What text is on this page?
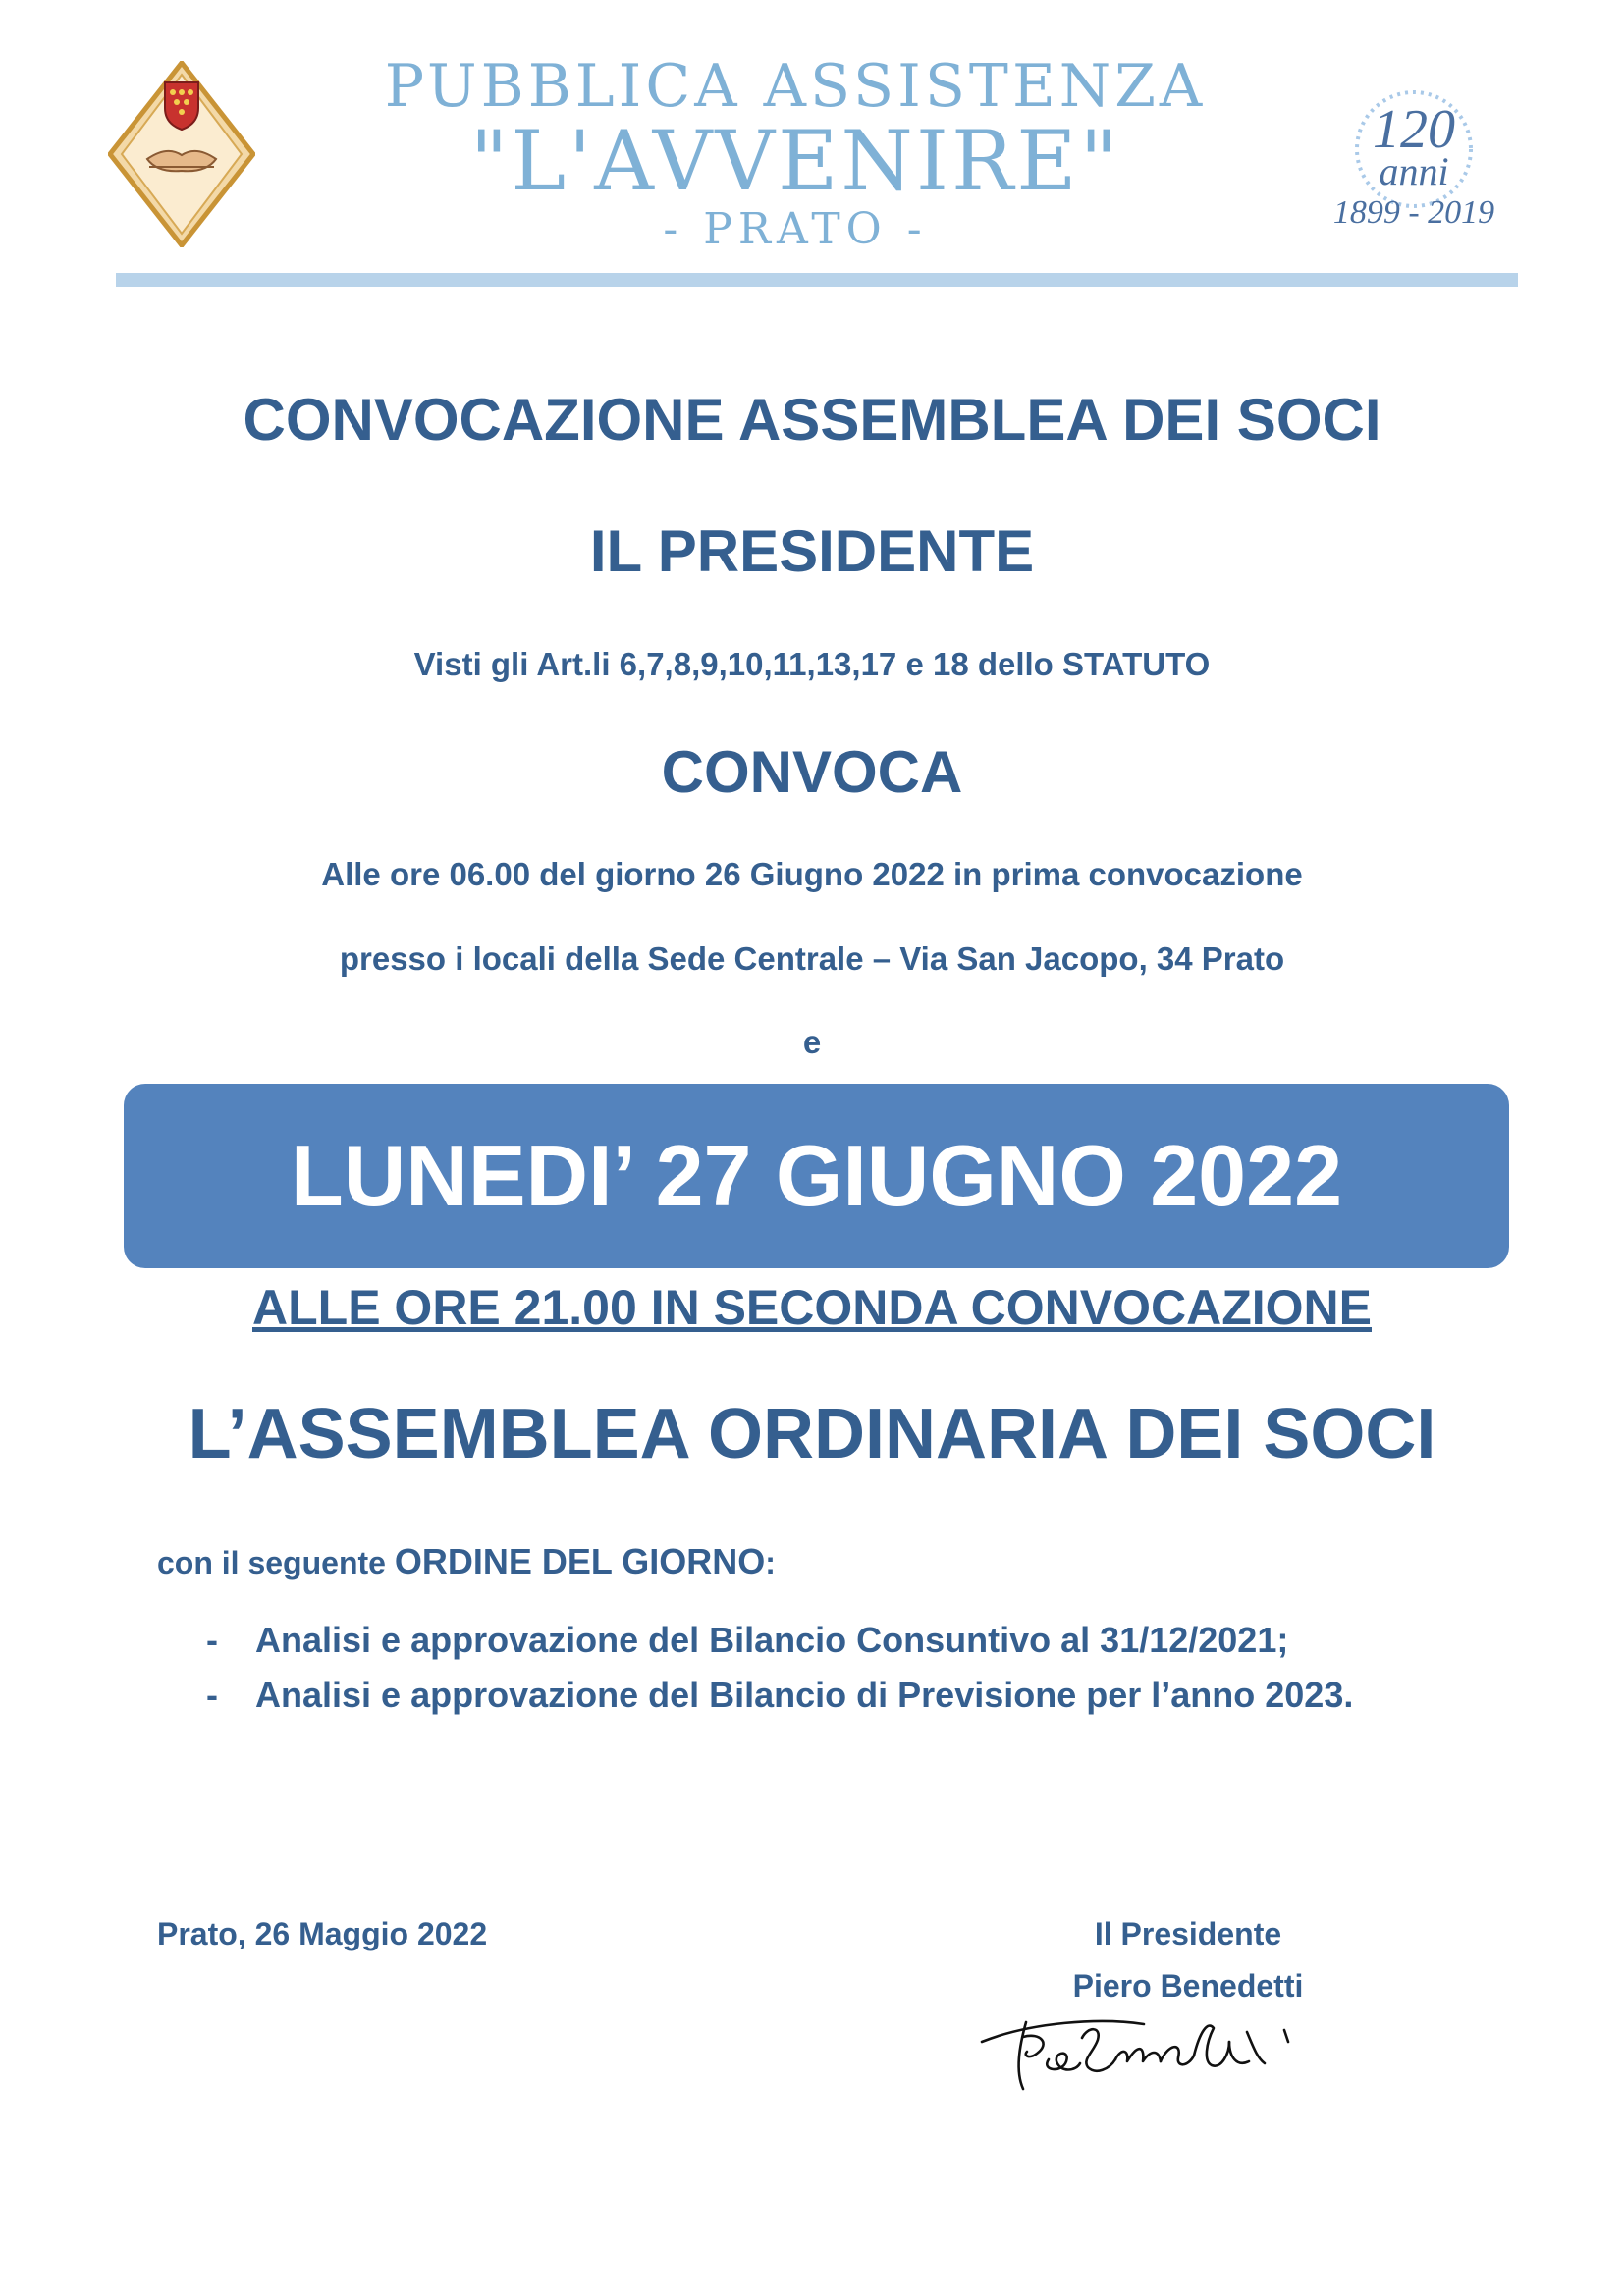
PUBBLICA ASSISTENZA
"L'AVVENIRE"
- PRATO -
120
anni
1899 - 2019
CONVOCAZIONE ASSEMBLEA DEI SOCI
IL PRESIDENTE
Visti gli Art.li 6,7,8,9,10,11,13,17 e 18 dello STATUTO
CONVOCA
Alle ore 06.00 del giorno 26 Giugno 2022 in prima convocazione
presso i locali della Sede Centrale – Via San Jacopo, 34 Prato
e
LUNEDI’ 27 GIUGNO 2022
ALLE ORE 21.00 IN SECONDA CONVOCAZIONE
L’ASSEMBLEA ORDINARIA DEI SOCI
con il seguente ORDINE DEL GIORNO:
-	Analisi e approvazione del Bilancio Consuntivo al 31/12/2021;
-	Analisi e approvazione del Bilancio di Previsione per l’anno 2023.
Prato, 26 Maggio 2022	Il Presidente
Piero Benedetti
